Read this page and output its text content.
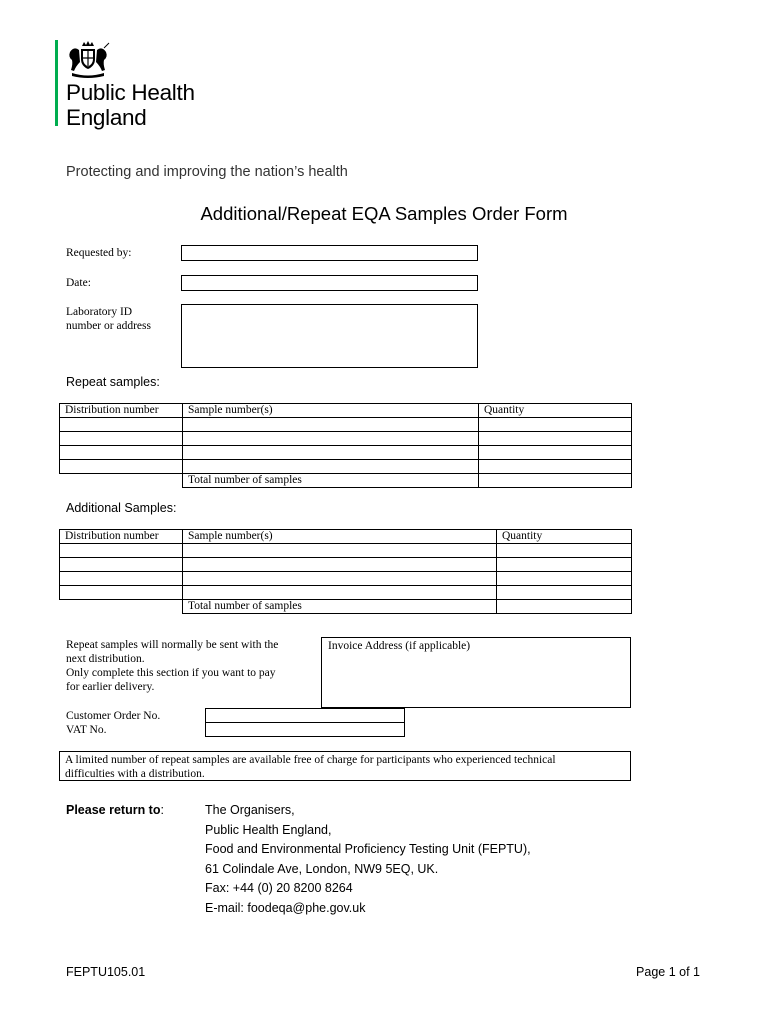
Public Health
England
Protecting and improving the nation’s health
Additional/Repeat EQA Samples Order Form
Requested by:
Date:
Laboratory ID
number or address
Repeat samples:
Distribution number	Sample number(s)	Quantity

	Total number of samples	
Additional Samples:
Distribution number	Sample number(s)	Quantity

	Total number of samples	
Repeat samples will normally be sent with the
next distribution.
Only complete this section if you want to pay
for earlier delivery.
Invoice Address (if applicable)
Customer Order No.
VAT No.
A limited number of repeat samples are available free of charge for participants who experienced technical
difficulties with a distribution.
Please return to:	The Organisers,
Public Health England,
Food and Environmental Proficiency Testing Unit (FEPTU),
61 Colindale Ave, London, NW9 5EQ, UK.
Fax: +44 (0) 20 8200 8264
E-mail: foodeqa@phe.gov.uk
FEPTU105.01	Page 1 of 1
